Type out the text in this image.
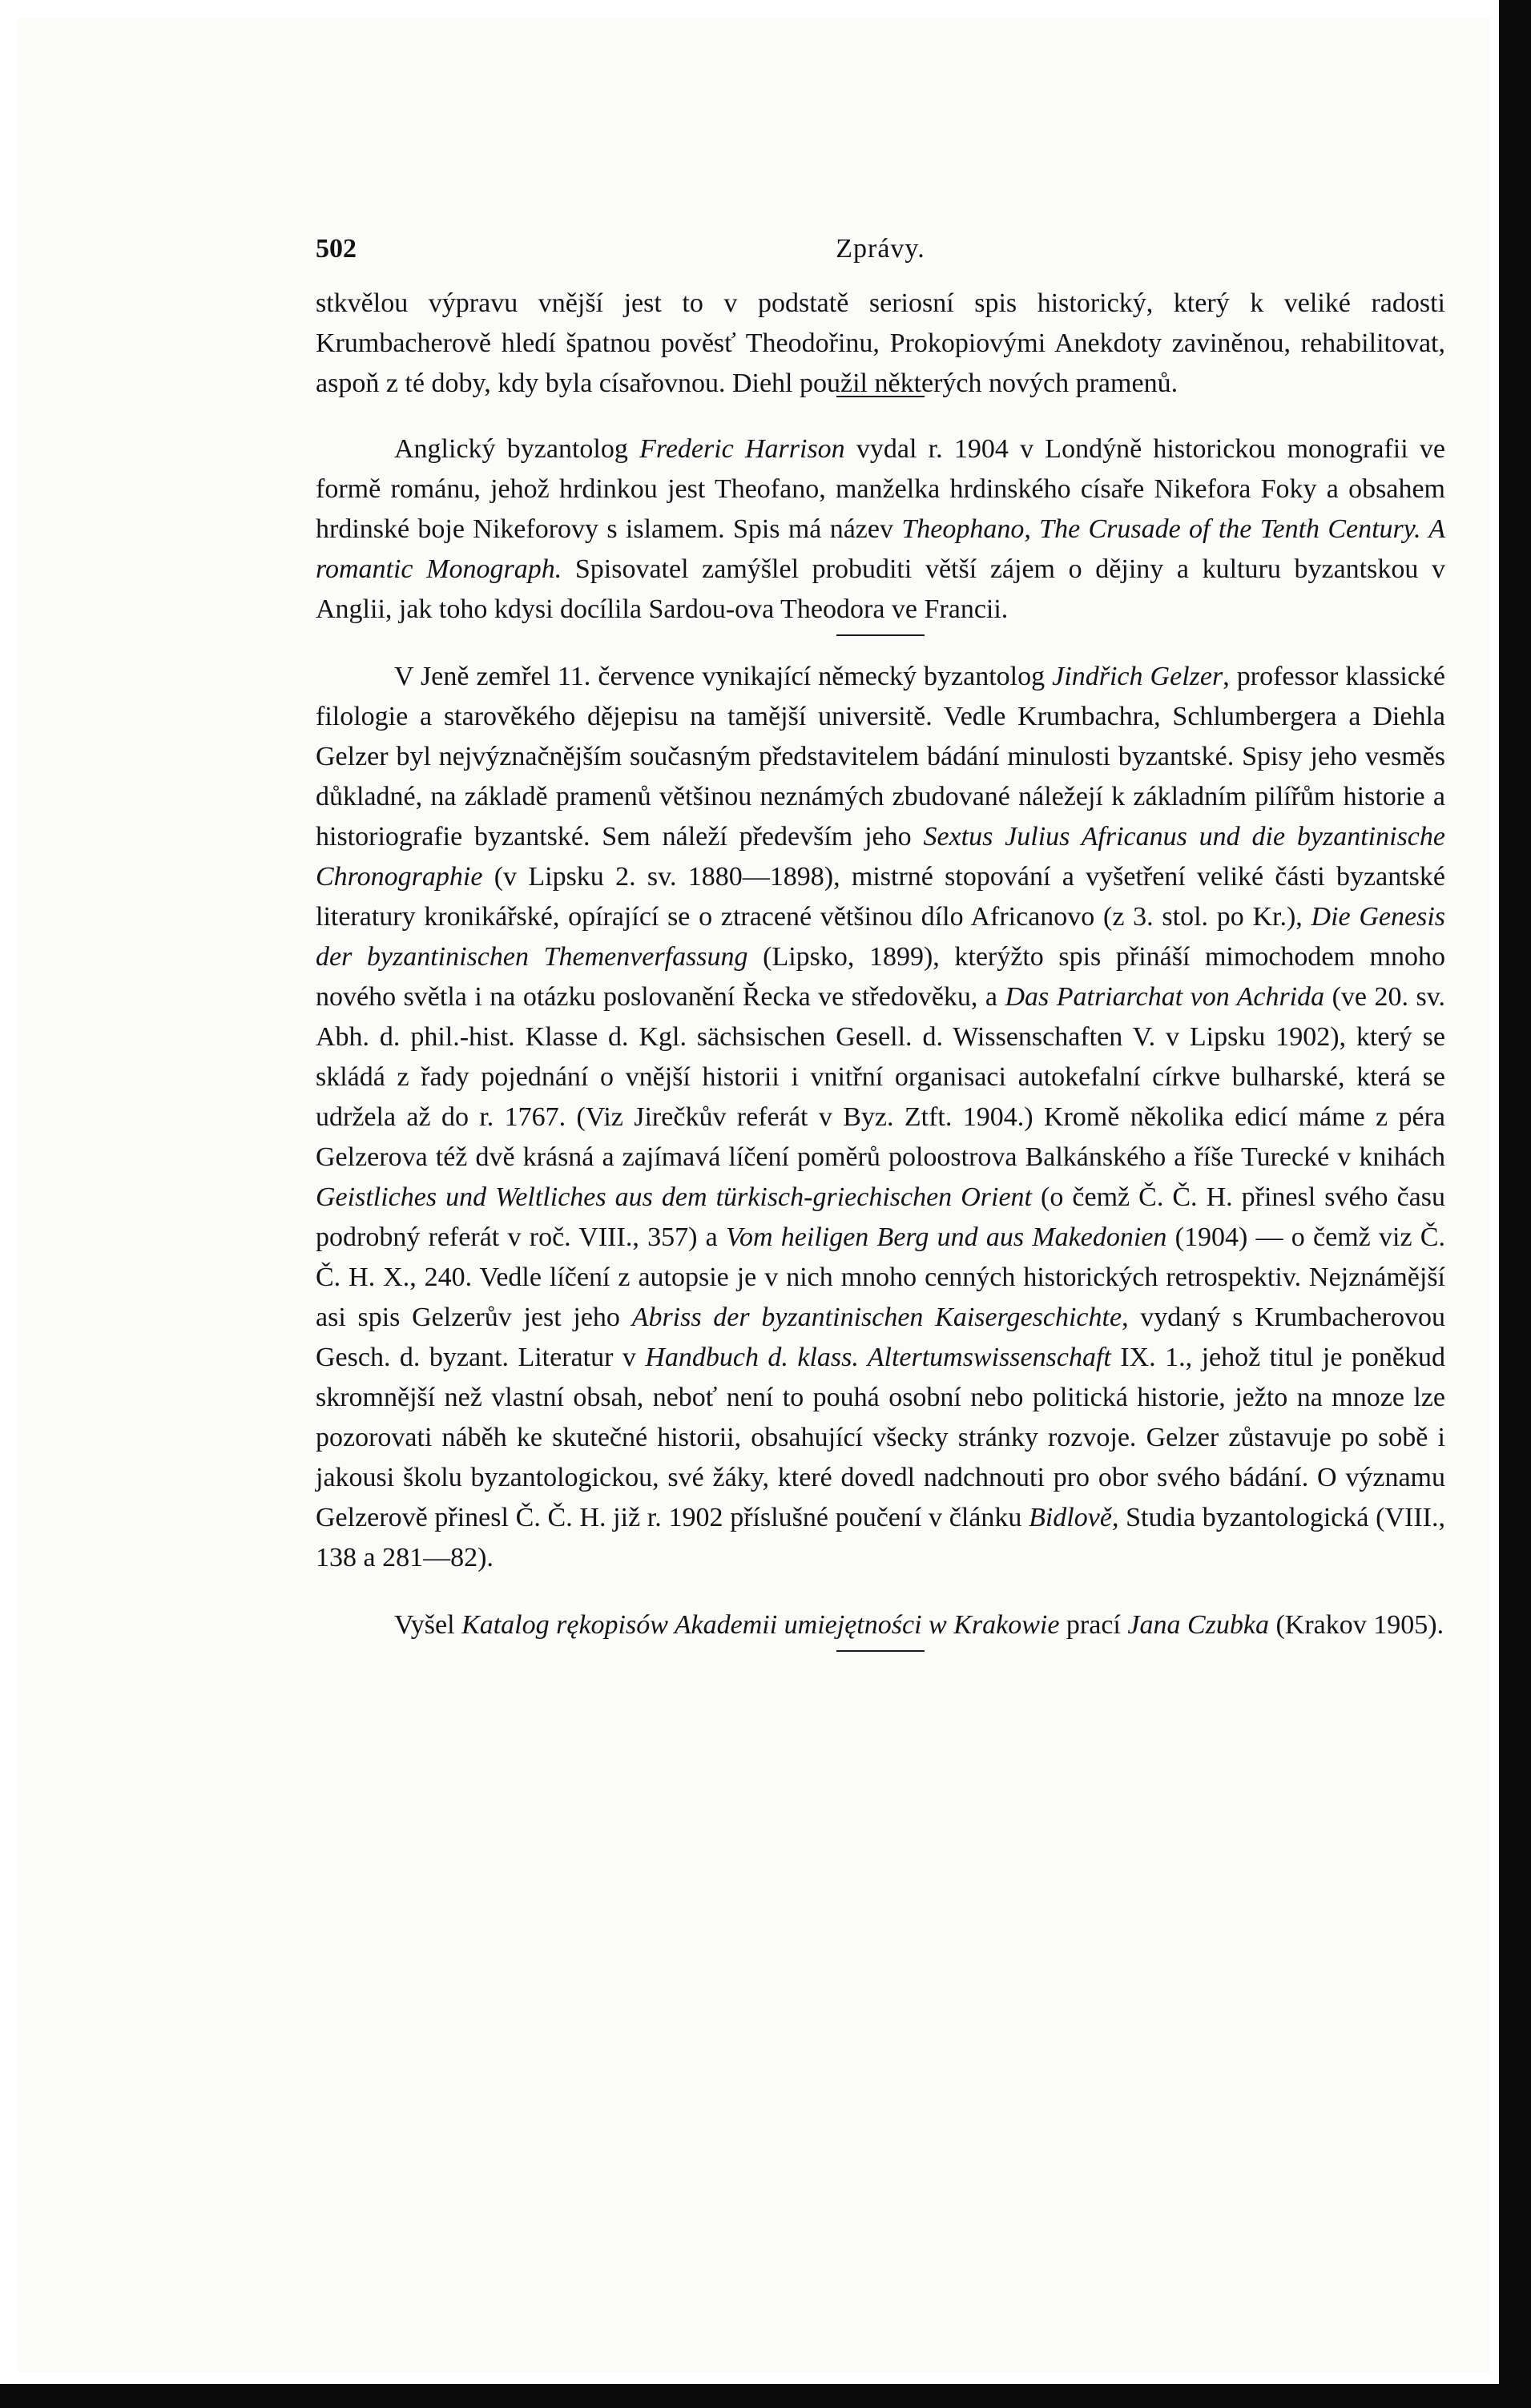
502	Zprávy.

stkvělou výpravu vnější jest to v podstatě seriosní spis historický, který k veliké radosti Krumbacherově hledí špatnou pověsť Theodořinu, Prokopiovými Anekdoty zaviněnou, rehabilitovat, aspoň z té doby, kdy byla císařovnou. Diehl použil některých nových pramenů.

Anglický byzantolog Frederic Harrison vydal r. 1904 v Londýně historickou monografii ve formě románu, jehož hrdinkou jest Theofano, manželka hrdinského císaře Nikefora Foky a obsahem hrdinské boje Nikeforovy s islamem. Spis má název Theophano, The Crusade of the Tenth Century. A romantic Monograph. Spisovatel zamýšlel probuditi větší zájem o dějiny a kulturu byzantskou v Anglii, jak toho kdysi docílila Sardou-ova Theodora ve Francii.

V Jeně zemřel 11. července vynikající německý byzantolog Jindřich Gelzer, professor klassické filologie a starověkého dějepisu na tamější universitě. Vedle Krumbachra, Schlumbergera a Diehla Gelzer byl nejvýznačnějším současným představitelem bádání minulosti byzantské. Spisy jeho vesměs důkladné, na základě pramenů většinou neznámých zbudované náležejí k základním pilířům historie a historiografie byzantské. Sem náleží především jeho Sextus Julius Africanus und die byzantinische Chronographie (v Lipsku 2. sv. 1880—1898), mistrné stopování a vyšetření veliké části byzantské literatury kronikářské, opírající se o ztracené většinou dílo Africanovo (z 3. stol. po Kr.), Die Genesis der byzantinischen Themenverfassung (Lipsko, 1899), kterýžto spis přináší mimochodem mnoho nového světla i na otázku poslovanění Řecka ve středověku, a Das Patriarchat von Achrida (ve 20. sv. Abh. d. phil.-hist. Klasse d. Kgl. sächsischen Gesell. d. Wissenschaften V. v Lipsku 1902), který se skládá z řady pojednání o vnější historii i vnitřní organisaci autokefalní církve bulharské, která se udržela až do r. 1767. (Viz Jirečkův referát v Byz. Ztft. 1904.) Kromě několika edicí máme z péra Gelzerova též dvě krásná a zajímavá líčení poměrů poloostrova Balkánského a říše Turecké v knihách Geistliches und Weltliches aus dem türkisch-griechischen Orient (o čemž Č. Č. H. přinesl svého času podrobný referát v roč. VIII., 357) a Vom heiligen Berg und aus Makedonien (1904) — o čemž viz Č. Č. H. X., 240. Vedle líčení z autopsie je v nich mnoho cenných historických retrospektiv. Nejznámější asi spis Gelzerův jest jeho Abriss der byzantinischen Kaisergeschichte, vydaný s Krumbacherovou Gesch. d. byzant. Literatur v Handbuch d. klass. Altertumswissenschaft IX. 1., jehož titul je poněkud skromnější než vlastní obsah, neboť není to pouhá osobní nebo politická historie, ježto na mnoze lze pozorovati náběh ke skutečné historii, obsahující všecky stránky rozvoje. Gelzer zůstavuje po sobě i jakousi školu byzantologickou, své žáky, které dovedl nadchnouti pro obor svého bádání. O významu Gelzerově přinesl Č. Č. H. již r. 1902 příslušné poučení v článku Bidlově, Studia byzantologická (VIII., 138 a 281—82).

Vyšel Katalog rękopisów Akademii umiejętności w Krakowie prací Jana Czubka (Krakov 1905).
